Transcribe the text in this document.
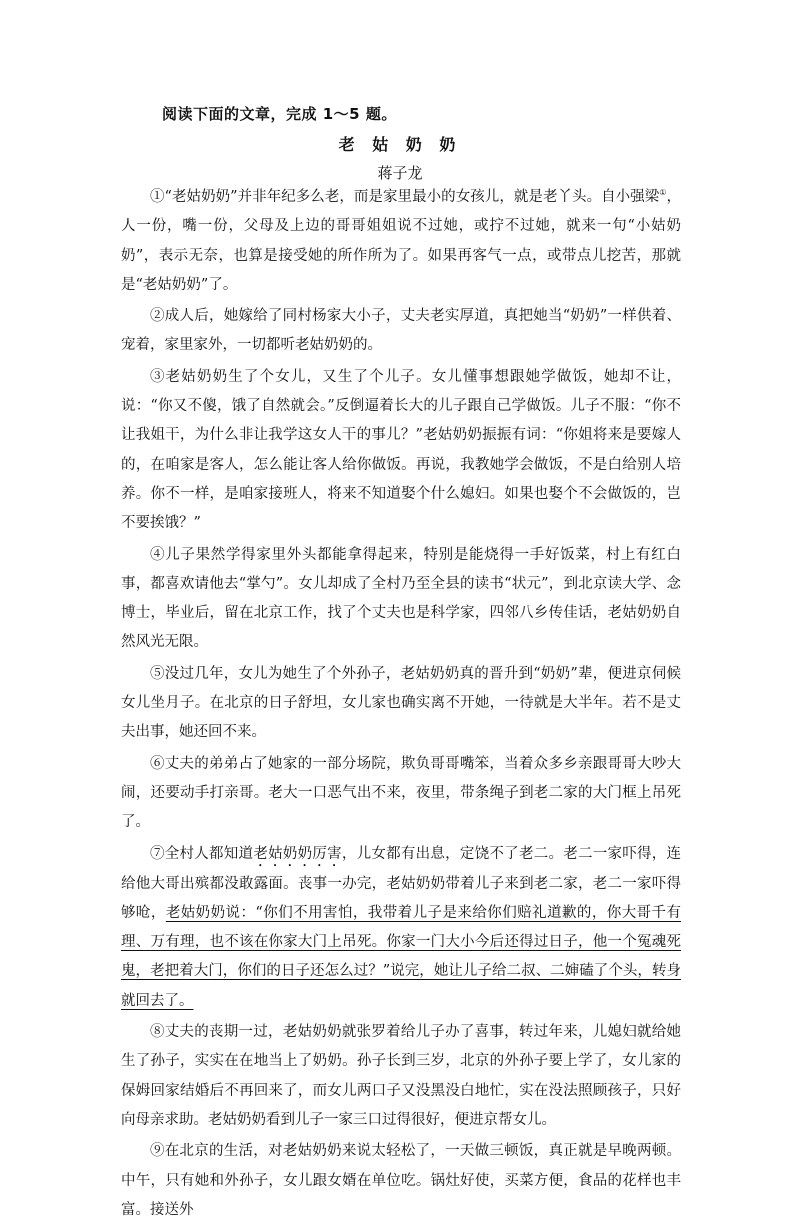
阅读下面的文章，完成 1～5 题。
老 姑 奶 奶
蒋子龙

①“老姑奶奶”并非年纪多么老，而是家里最小的女孩儿，就是老丫头。自小强梁①，人一份，嘴一份，父母及上边的哥哥姐姐说不过她，或拧不过她，就来一句“小姑奶奶”，表示无奈，也算是接受她的所作所为了。如果再客气一点，或带点儿挖苦，那就是“老姑奶奶”了。

②成人后，她嫁给了同村杨家大小子，丈夫老实厚道，真把她当“奶奶”一样供着、宠着，家里家外，一切都听老姑奶奶的。

③老姑奶奶生了个女儿，又生了个儿子。女儿懂事想跟她学做饭，她却不让，说：“你又不傻，饿了自然就会。”反倒逼着长大的儿子跟自己学做饭。儿子不服：“你不让我姐干，为什么非让我学这女人干的事儿？”老姑奶奶振振有词：“你姐将来是要嫁人的，在咱家是客人，怎么能让客人给你做饭。再说，我教她学会做饭，不是白给别人培养。你不一样，是咱家接班人，将来不知道娶个什么媳妇。如果也娶个不会做饭的，岂不要挨饿？”

④儿子果然学得家里外头都能拿得起来，特别是能烧得一手好饭菜，村上有红白事，都喜欢请他去“掌勺”。女儿却成了全村乃至全县的读书“状元”，到北京读大学、念博士，毕业后，留在北京工作，找了个丈夫也是科学家，四邻八乡传佳话，老姑奶奶自然风光无限。

⑤没过几年，女儿为她生了个外孙子，老姑奶奶真的晋升到“奶奶”辈，便进京伺候女儿坐月子。在北京的日子舒坦，女儿家也确实离不开她，一待就是大半年。若不是丈夫出事，她还回不来。

⑥丈夫的弟弟占了她家的一部分场院，欺负哥哥嘴笨，当着众多乡亲跟哥哥大吵大闹，还要动手打亲哥。老大一口恶气出不来，夜里，带条绳子到老二家的大门框上吊死了。

⑦全村人都知道老姑奶奶厉害，儿女都有出息，定饶不了老二。老二一家吓得，连给他大哥出殡都没敢露面。丧事一办完，老姑奶奶带着儿子来到老二家，老二一家吓得够呛，老姑奶奶说：“你们不用害怕，我带着儿子是来给你们赔礼道歉的，你大哥千有理、万有理，也不该在你家大门上吊死。你家一门大小今后还得过日子，他一个冤魂死鬼，老把着大门，你们的日子还怎么过？”说完，她让儿子给二叔、二婶磕了个头，转身就回去了。

⑧丈夫的丧期一过，老姑奶奶就张罗着给儿子办了喜事，转过年来，儿媳妇就给她生了孙子，实实在在地当上了奶奶。孙子长到三岁，北京的外孙子要上学了，女儿家的保姆回家结婚后不再回来了，而女儿两口子又没黑没白地忙，实在没法照顾孩子，只好向母亲求助。老姑奶奶看到儿子一家三口过得很好，便进京帮女儿。

⑨在北京的生活，对老姑奶奶来说太轻松了，一天做三顿饭，真正就是早晚两顿。中午，只有她和外孙子，女儿跟女婿在单位吃。锅灶好使，买菜方便，食品的花样也丰富。接送外
